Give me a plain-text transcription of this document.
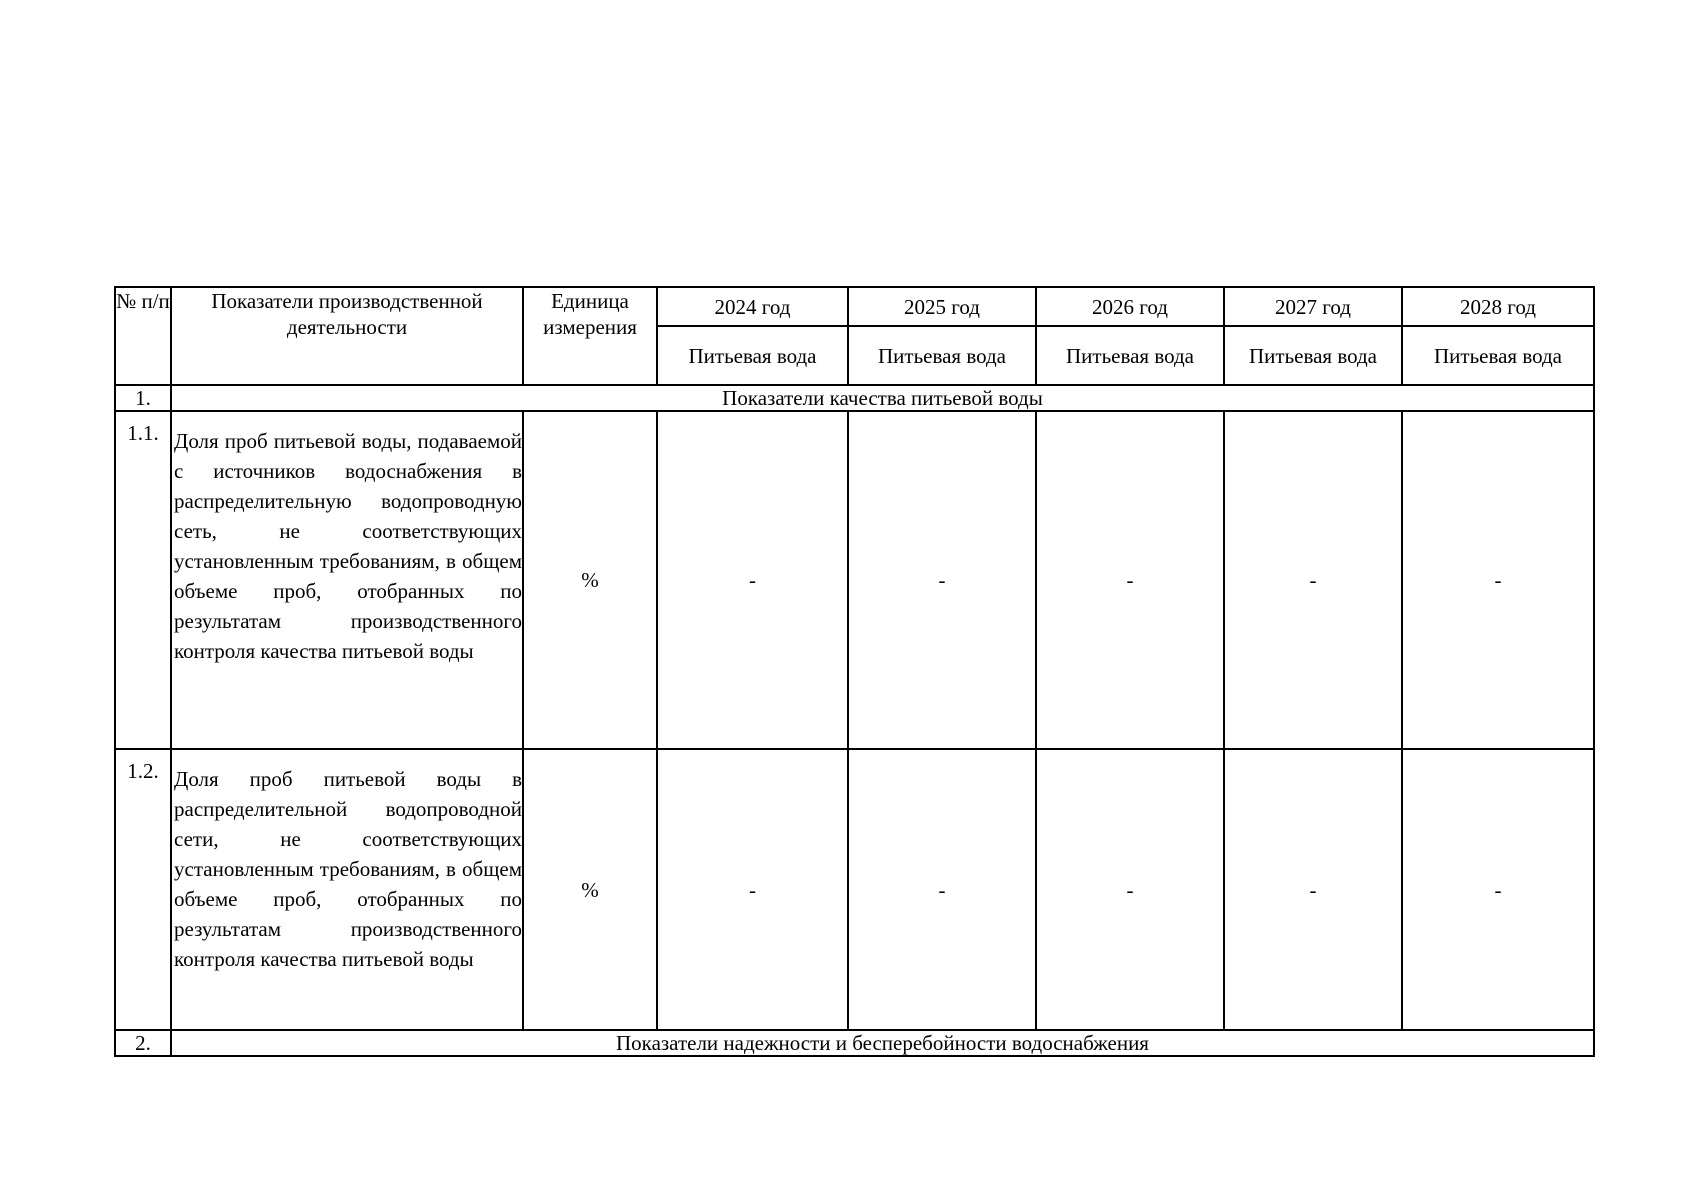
№ п/п	Показатели производственной деятельности	Единица измерения	2024 год	2025 год	2026 год	2027 год	2028 год
			Питьевая вода	Питьевая вода	Питьевая вода	Питьевая вода	Питьевая вода
1.	Показатели качества питьевой воды						
1.1.	Доля проб питьевой воды, подаваемой с источников водоснабжения в распределительную водопроводную сеть, не соответствующих установленным требованиям, в общем объеме проб, отобранных по результатам производственного контроля качества питьевой воды	%	-	-	-	-	-
1.2.	Доля проб питьевой воды в распределительной водопроводной сети, не соответствующих установленным требованиям, в общем объеме проб, отобранных по результатам производственного контроля качества питьевой воды	%	-	-	-	-	-
2.	Показатели надежности и бесперебойности водоснабжения						
